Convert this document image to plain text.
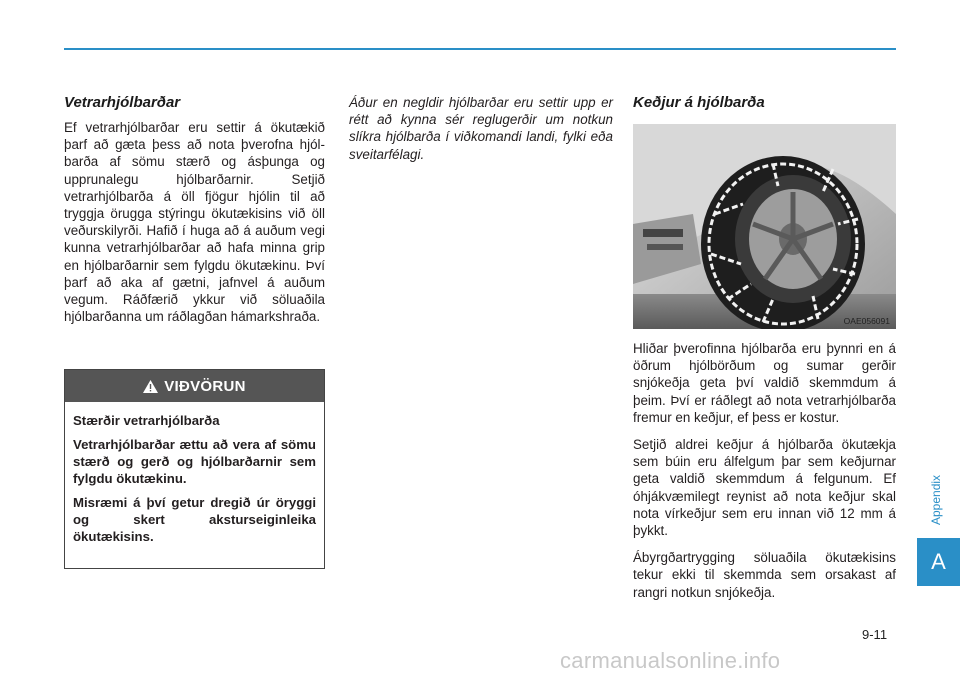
Vetrarhjólbarðar

Ef vetrarhjólbarðar eru settir á ökutækið þarf að gæta þess að nota þverofna hjól- barða af sömu stærð og ásþunga og upprunalegu hjólbarðarnir. Setjið vetrarhjólbarða á öll fjögur hjólin til að tryggja örugga stýringu ökutækisins við öll veðurskilyrði. Hafið í huga að á auðum vegi kunna vetrarhjólbarðar að hafa minna grip en hjólbarðarnir sem fylgdu ökutækinu. Því þarf að aka af gætni, jafnvel á auðum vegum. Ráðfærið ykkur við söluaðila hjólbarðanna um ráðlagðan hámarkshraða.

VIÐVÖRUN

Stærðir vetrarhjólbarða

Vetrarhjólbarðar ættu að vera af sömu stærð og gerð og hjólbarðarnir sem fylgdu ökutækinu.

Misræmi á því getur dregið úr öryggi og skert aksturseiginleika ökutækisins.

Áður en negldir hjólbarðar eru settir upp er rétt að kynna sér reglugerðir um notkun slíkra hjólbarða í viðkomandi landi, fylki eða sveitarfélagi.

Keðjur á hjólbarða
OAE056091

Hliðar þverofinna hjólbarða eru þynnri en á öðrum hjólbörðum og sumar gerðir snjókeðja geta því valdið skemmdum á þeim. Því er ráðlegt að nota vetrarhjólbarða fremur en keðjur, ef þess er kostur.

Setjið aldrei keðjur á hjólbarða ökutækja sem búin eru álfelgum þar sem keðjurnar geta valdið skemmdum á felgunum. Ef óhjákvæmilegt reynist að nota keðjur skal nota vírkeðjur sem eru innan við 12 mm á þykkt.

Ábyrgðartrygging söluaðila ökutækisins tekur ekki til skemmda sem orsakast af rangri notkun snjókeðja.

Appendix
A
9-11
carmanualsonline.info
